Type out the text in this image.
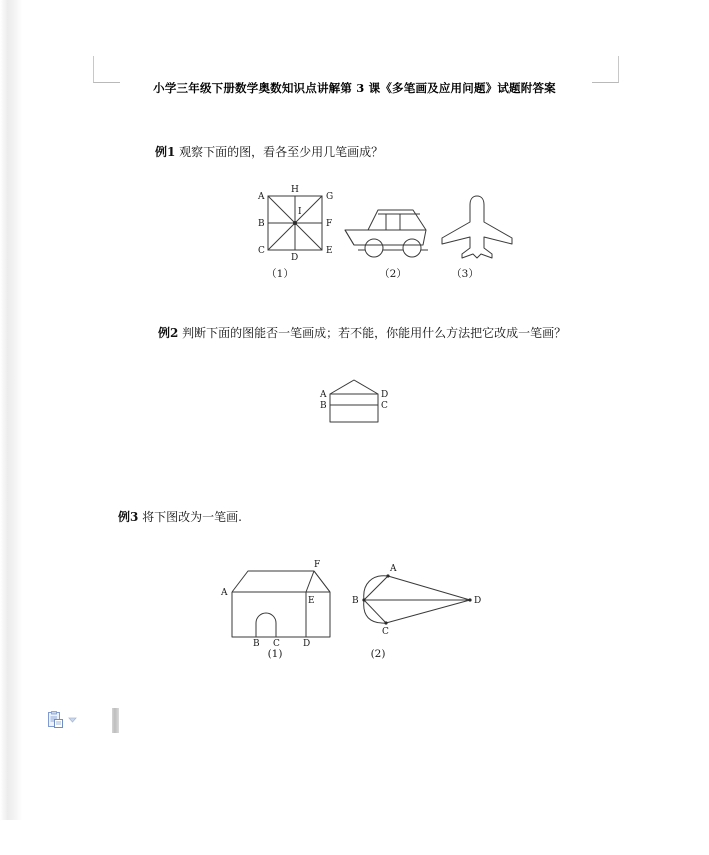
小学三年级下册数学奥数知识点讲解第 3 课《多笔画及应用问题》试题附答案
例1 观察下面的图，看各至少用几笔画成？
A
H
G
B
I
F
C
D
E
（1）	（2）	（3）
例2 判断下面的图能否一笔画成；若不能，你能用什么方法把它改成一笔画？
A
B
D
C
例3 将下图改为一笔画.
A
B C	D
E
F
(1)
A
B
C
D
(2)
